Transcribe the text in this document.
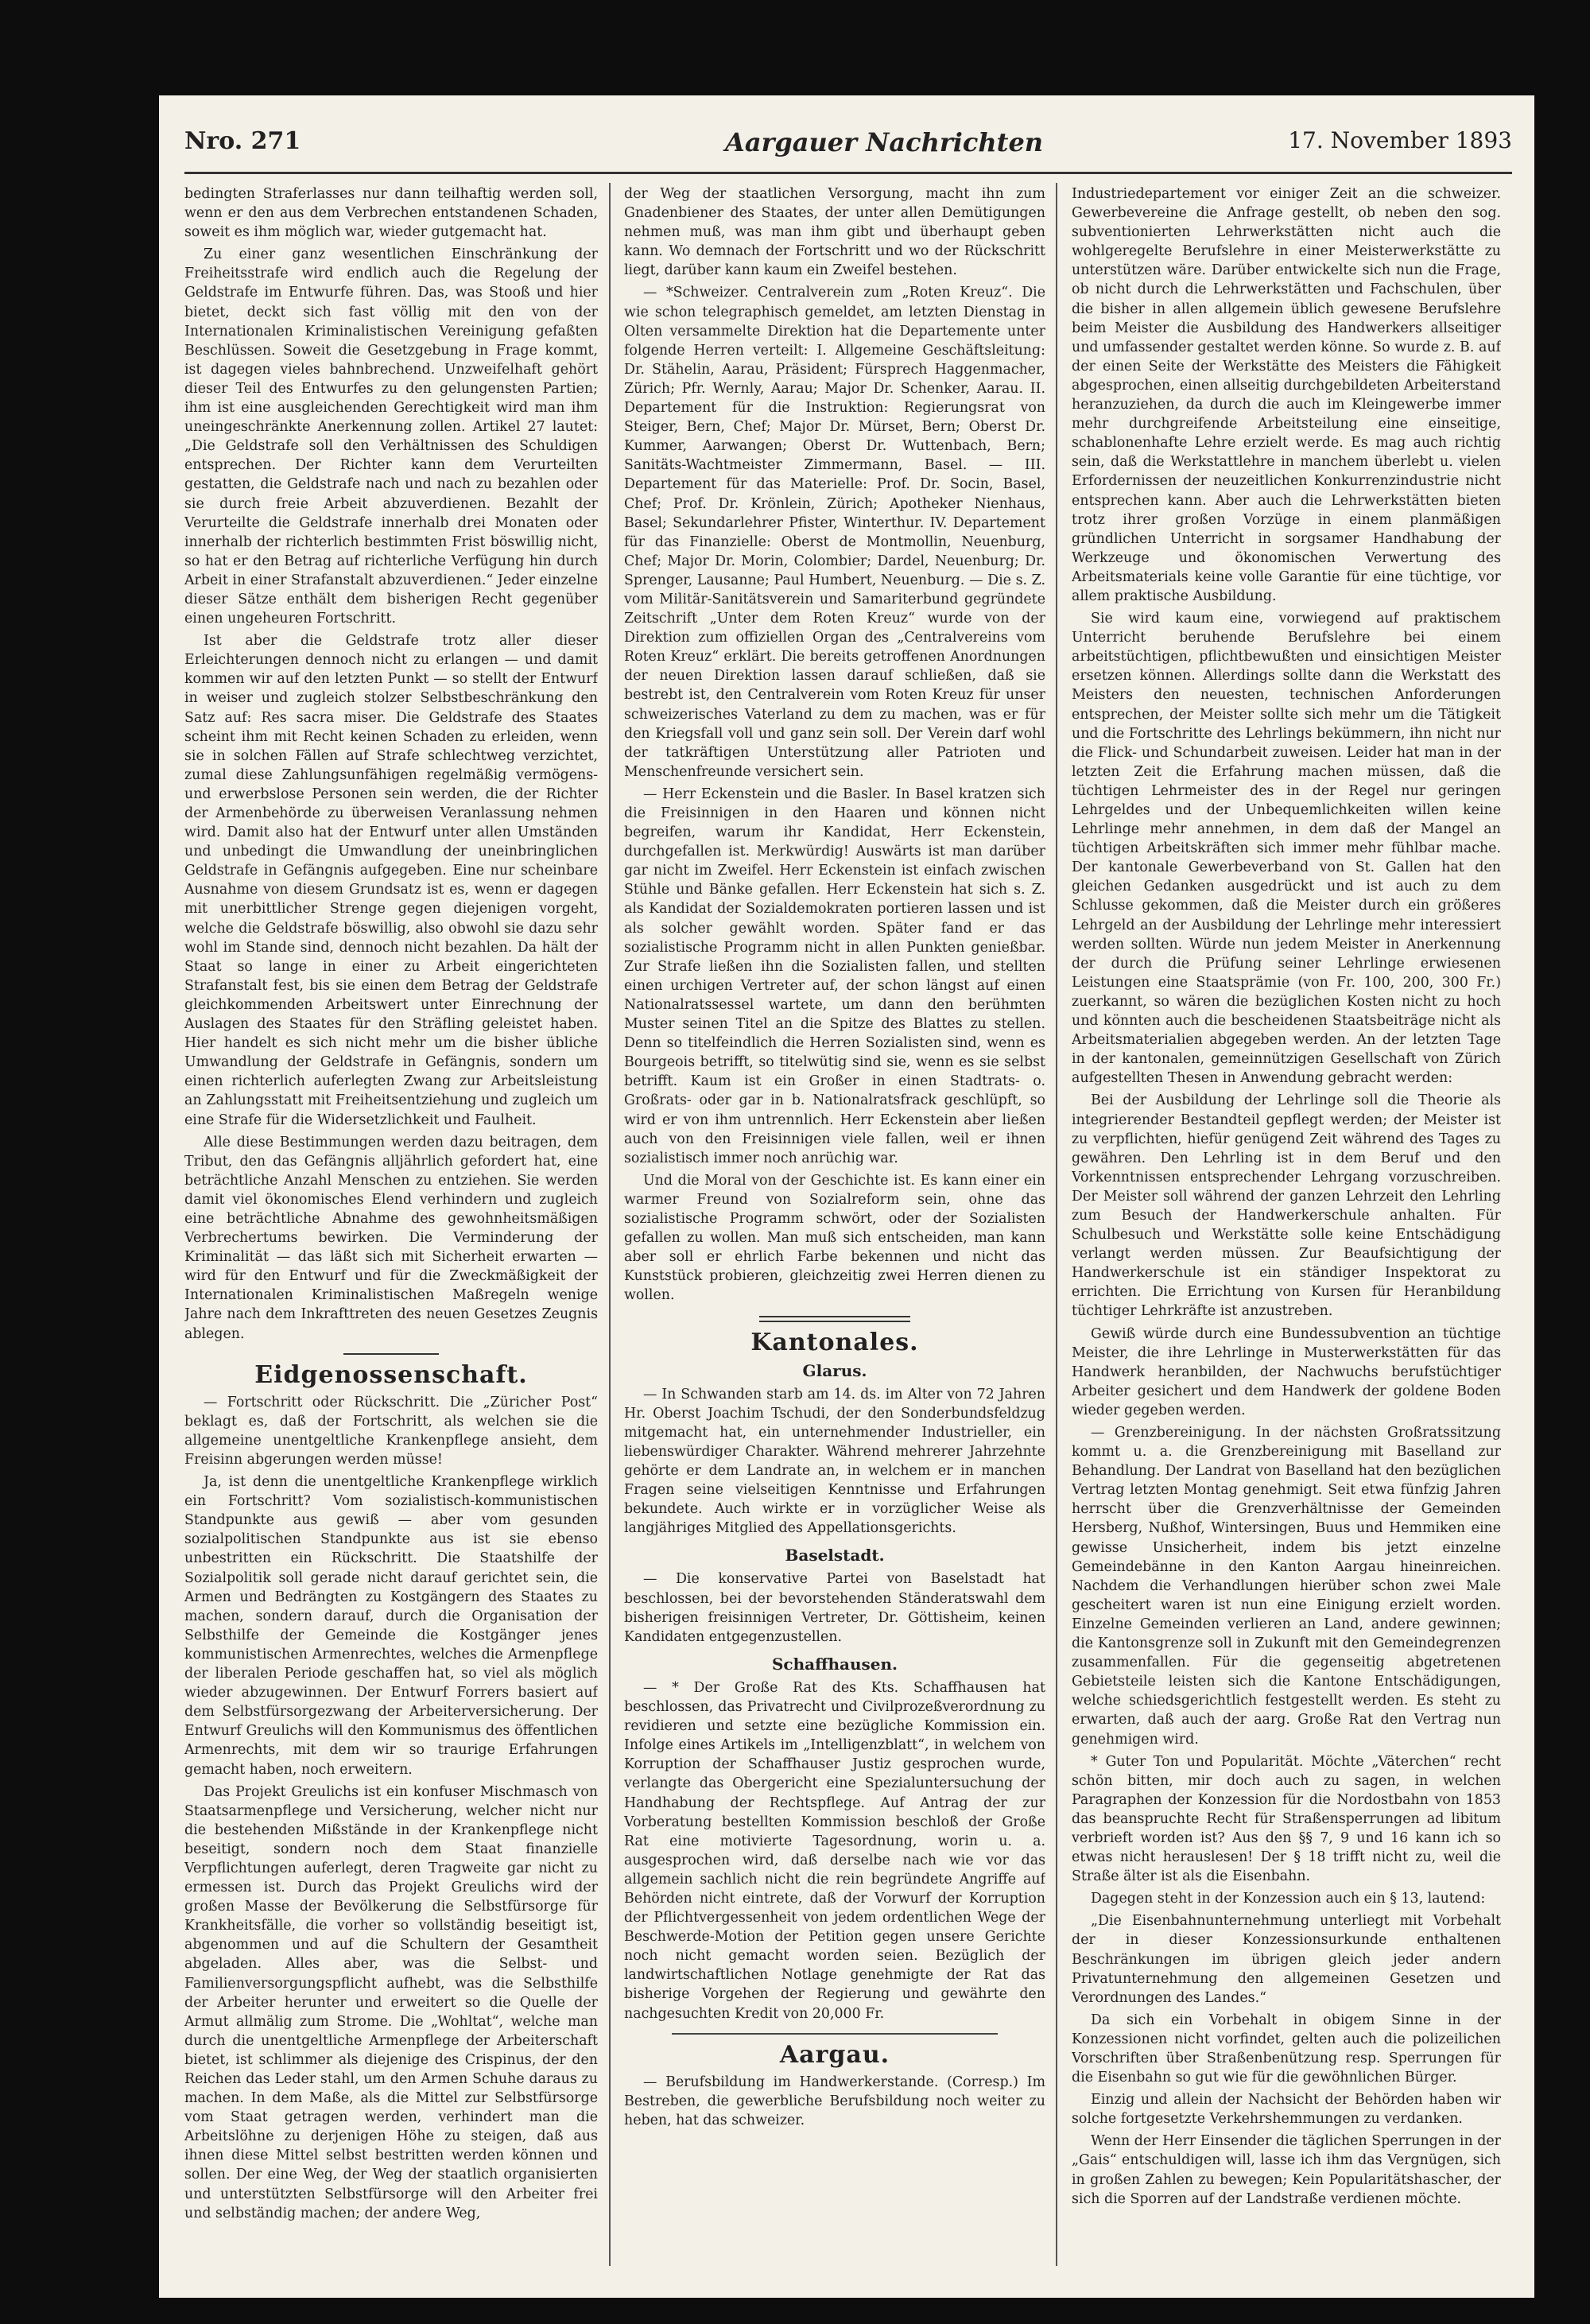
Nro. 271	Aargauer Nachrichten	17. November 1893

bedingten Straferlasses nur dann teilhaftig werden soll, wenn er den aus dem Verbrechen entstandenen Schaden, soweit es ihm möglich war, wieder gutgemacht hat.

Zu einer ganz wesentlichen Einschränkung der Freiheitsstrafe wird endlich auch die Regelung der Geldstrafe im Entwurfe führen. Das, was Stooß und hier bietet, deckt sich fast völlig mit den von der Internationalen Kriminalistischen Vereinigung gefaßten Beschlüssen. Soweit die Gesetzgebung in Frage kommt, ist dagegen vieles bahnbrechend. Unzweifelhaft gehört dieser Teil des Entwurfes zu den gelungensten Partien; ihm ist eine ausgleichenden Gerechtigkeit wird man ihm uneingeschränkte Anerkennung zollen. Artikel 27 lautet: „Die Geldstrafe soll den Verhältnissen des Schuldigen entsprechen. Der Richter kann dem Verurteilten gestatten, die Geldstrafe nach und nach zu bezahlen oder sie durch freie Arbeit abzuverdienen. Bezahlt der Verurteilte die Geldstrafe innerhalb drei Monaten oder innerhalb der richterlich bestimmten Frist böswillig nicht, so hat er den Betrag auf richterliche Verfügung hin durch Arbeit in einer Strafanstalt abzuverdienen.“ Jeder einzelne dieser Sätze enthält dem bisherigen Recht gegenüber einen ungeheuren Fortschritt.

Ist aber die Geldstrafe trotz aller dieser Erleichterungen dennoch nicht zu erlangen — und damit kommen wir auf den letzten Punkt — so stellt der Entwurf in weiser und zugleich stolzer Selbstbeschränkung den Satz auf: Res sacra miser. Die Geldstrafe des Staates scheint ihm mit Recht keinen Schaden zu erleiden, wenn sie in solchen Fällen auf Strafe schlechtweg verzichtet, zumal diese Zahlungsunfähigen regelmäßig vermögens- und erwerbslose Personen sein werden, die der Richter der Armenbehörde zu überweisen Veranlassung nehmen wird. Damit also hat der Entwurf unter allen Umständen und unbedingt die Umwandlung der uneinbringlichen Geldstrafe in Gefängnis aufgegeben. Eine nur scheinbare Ausnahme von diesem Grundsatz ist es, wenn er dagegen mit unerbittlicher Strenge gegen diejenigen vorgeht, welche die Geldstrafe böswillig, also obwohl sie dazu sehr wohl im Stande sind, dennoch nicht bezahlen. Da hält der Staat so lange in einer zu Arbeit eingerichteten Strafanstalt fest, bis sie einen dem Betrag der Geldstrafe gleichkommenden Arbeitswert unter Einrechnung der Auslagen des Staates für den Sträfling geleistet haben. Hier handelt es sich nicht mehr um die bisher übliche Umwandlung der Geldstrafe in Gefängnis, sondern um einen richterlich auferlegten Zwang zur Arbeitsleistung an Zahlungsstatt mit Freiheitsentziehung und zugleich um eine Strafe für die Widersetzlichkeit und Faulheit.

Alle diese Bestimmungen werden dazu beitragen, dem Tribut, den das Gefängnis alljährlich gefordert hat, eine beträchtliche Anzahl Menschen zu entziehen. Sie werden damit viel ökonomisches Elend verhindern und zugleich eine beträchtliche Abnahme des gewohnheitsmäßigen Verbrechertums bewirken. Die Verminderung der Kriminalität — das läßt sich mit Sicherheit erwarten — wird für den Entwurf und für die Zweckmäßigkeit der Internationalen Kriminalistischen Maßregeln wenige Jahre nach dem Inkrafttreten des neuen Gesetzes Zeugnis ablegen.

Eidgenossenschaft.

— Fortschritt oder Rückschritt. Die „Züricher Post“ beklagt es, daß der Fortschritt, als welchen sie die allgemeine unentgeltliche Krankenpflege ansieht, dem Freisinn abgerungen werden müsse!

Ja, ist denn die unentgeltliche Krankenpflege wirklich ein Fortschritt? Vom sozialistisch-kommunistischen Standpunkte aus gewiß — aber vom gesunden sozialpolitischen Standpunkte aus ist sie ebenso unbestritten ein Rückschritt. Die Staatshilfe der Sozialpolitik soll gerade nicht darauf gerichtet sein, die Armen und Bedrängten zu Kostgängern des Staates zu machen, sondern darauf, durch die Organisation der Selbsthilfe der Gemeinde die Kostgänger jenes kommunistischen Armenrechtes, welches die Armenpflege der liberalen Periode geschaffen hat, so viel als möglich wieder abzugewinnen. Der Entwurf Forrers basiert auf dem Selbstfürsorgezwang der Arbeiterversicherung. Der Entwurf Greulichs will den Kommunismus des öffentlichen Armenrechts, mit dem wir so traurige Erfahrungen gemacht haben, noch erweitern.

Das Projekt Greulichs ist ein konfuser Mischmasch von Staatsarmenpflege und Versicherung, welcher nicht nur die bestehenden Mißstände in der Krankenpflege nicht beseitigt, sondern noch dem Staat finanzielle Verpflichtungen auferlegt, deren Tragweite gar nicht zu ermessen ist. Durch das Projekt Greulichs wird der großen Masse der Bevölkerung die Selbstfürsorge für Krankheitsfälle, die vorher so vollständig beseitigt ist, abgenommen und auf die Schultern der Gesamtheit abgeladen. Alles aber, was die Selbst- und Familienversorgungspflicht aufhebt, was die Selbsthilfe der Arbeiter herunter und erweitert so die Quelle der Armut allmälig zum Strome. Die „Wohltat“, welche man durch die unentgeltliche Armenpflege der Arbeiterschaft bietet, ist schlimmer als diejenige des Crispinus, der den Reichen das Leder stahl, um den Armen Schuhe daraus zu machen. In dem Maße, als die Mittel zur Selbstfürsorge vom Staat getragen werden, verhindert man die Arbeitslöhne zu derjenigen Höhe zu steigen, daß aus ihnen diese Mittel selbst bestritten werden können und sollen. Der eine Weg, der Weg der staatlich organisierten und unterstützten Selbstfürsorge will den Arbeiter frei und selbständig machen; der andere Weg,

der Weg der staatlichen Versorgung, macht ihn zum Gnadenbiener des Staates, der unter allen Demütigungen nehmen muß, was man ihm gibt und überhaupt geben kann. Wo demnach der Fortschritt und wo der Rückschritt liegt, darüber kann kaum ein Zweifel bestehen.

— *Schweizer. Centralverein zum „Roten Kreuz“. Die wie schon telegraphisch gemeldet, am letzten Dienstag in Olten versammelte Direktion hat die Departemente unter folgende Herren verteilt: I. Allgemeine Geschäftsleitung: Dr. Stähelin, Aarau, Präsident; Fürsprech Haggenmacher, Zürich; Pfr. Wernly, Aarau; Major Dr. Schenker, Aarau. II. Departement für die Instruktion: Regierungsrat von Steiger, Bern, Chef; Major Dr. Mürset, Bern; Oberst Dr. Kummer, Aarwangen; Oberst Dr. Wuttenbach, Bern; Sanitäts-Wachtmeister Zimmermann, Basel. — III. Departement für das Materielle: Prof. Dr. Socin, Basel, Chef; Prof. Dr. Krönlein, Zürich; Apotheker Nienhaus, Basel; Sekundarlehrer Pfister, Winterthur. IV. Departement für das Finanzielle: Oberst de Montmollin, Neuenburg, Chef; Major Dr. Morin, Colombier; Dardel, Neuenburg; Dr. Sprenger, Lausanne; Paul Humbert, Neuenburg. — Die s. Z. vom Militär-Sanitätsverein und Samariterbund gegründete Zeitschrift „Unter dem Roten Kreuz“ wurde von der Direktion zum offiziellen Organ des „Centralvereins vom Roten Kreuz“ erklärt. Die bereits getroffenen Anordnungen der neuen Direktion lassen darauf schließen, daß sie bestrebt ist, den Centralverein vom Roten Kreuz für unser schweizerisches Vaterland zu dem zu machen, was er für den Kriegsfall voll und ganz sein soll. Der Verein darf wohl der tatkräftigen Unterstützung aller Patrioten und Menschenfreunde versichert sein.

— Herr Eckenstein und die Basler. In Basel kratzen sich die Freisinnigen in den Haaren und können nicht begreifen, warum ihr Kandidat, Herr Eckenstein, durchgefallen ist. Merkwürdig! Auswärts ist man darüber gar nicht im Zweifel. Herr Eckenstein ist einfach zwischen Stühle und Bänke gefallen. Herr Eckenstein hat sich s. Z. als Kandidat der Sozialdemokraten portieren lassen und ist als solcher gewählt worden. Später fand er das sozialistische Programm nicht in allen Punkten genießbar. Zur Strafe ließen ihn die Sozialisten fallen, und stellten einen urchigen Vertreter auf, der schon längst auf einen Nationalratssessel wartete, um dann den berühmten Muster seinen Titel an die Spitze des Blattes zu stellen. Denn so titelfeindlich die Herren Sozialisten sind, wenn es Bourgeois betrifft, so titelwütig sind sie, wenn es sie selbst betrifft. Kaum ist ein Großer in einen Stadtrats- o. Großrats- oder gar in b. Nationalratsfrack geschlüpft, so wird er von ihm untrennlich. Herr Eckenstein aber ließen auch von den Freisinnigen viele fallen, weil er ihnen sozialistisch immer noch anrüchig war.

Und die Moral von der Geschichte ist. Es kann einer ein warmer Freund von Sozialreform sein, ohne das sozialistische Programm schwört, oder der Sozialisten gefallen zu wollen. Man muß sich entscheiden, man kann aber soll er ehrlich Farbe bekennen und nicht das Kunststück probieren, gleichzeitig zwei Herren dienen zu wollen.

Kantonales.
Glarus.

— In Schwanden starb am 14. ds. im Alter von 72 Jahren Hr. Oberst Joachim Tschudi, der den Sonderbundsfeldzug mitgemacht hat, ein unternehmender Industrieller, ein liebenswürdiger Charakter. Während mehrerer Jahrzehnte gehörte er dem Landrate an, in welchem er in manchen Fragen seine vielseitigen Kenntnisse und Erfahrungen bekundete. Auch wirkte er in vorzüglicher Weise als langjähriges Mitglied des Appellationsgerichts.

Baselstadt.

— Die konservative Partei von Baselstadt hat beschlossen, bei der bevorstehenden Ständeratswahl dem bisherigen freisinnigen Vertreter, Dr. Göttisheim, keinen Kandidaten entgegenzustellen.

Schaffhausen.

— * Der Große Rat des Kts. Schaffhausen hat beschlossen, das Privatrecht und Civilprozeßverordnung zu revidieren und setzte eine bezügliche Kommission ein. Infolge eines Artikels im „Intelligenzblatt“, in welchem von Korruption der Schaffhauser Justiz gesprochen wurde, verlangte das Obergericht eine Spezialuntersuchung der Handhabung der Rechtspflege. Auf Antrag der zur Vorberatung bestellten Kommission beschloß der Große Rat eine motivierte Tagesordnung, worin u. a. ausgesprochen wird, daß derselbe nach wie vor das allgemein sachlich nicht die rein begründete Angriffe auf Behörden nicht eintrete, daß der Vorwurf der Korruption der Pflichtvergessenheit von jedem ordentlichen Wege der Beschwerde-Motion der Petition gegen unsere Gerichte noch nicht gemacht worden seien. Bezüglich der landwirtschaftlichen Notlage genehmigte der Rat das bisherige Vorgehen der Regierung und gewährte den nachgesuchten Kredit von 20,000 Fr.

Aargau.

— Berufsbildung im Handwerkerstande. (Corresp.) Im Bestreben, die gewerbliche Berufsbildung noch weiter zu heben, hat das schweizer.

Industriedepartement vor einiger Zeit an die schweizer. Gewerbevereine die Anfrage gestellt, ob neben den sog. subventionierten Lehrwerkstätten nicht auch die wohlgeregelte Berufslehre in einer Meisterwerkstätte zu unterstützen wäre. Darüber entwickelte sich nun die Frage, ob nicht durch die Lehrwerkstätten und Fachschulen, über die bisher in allen allgemein üblich gewesene Berufslehre beim Meister die Ausbildung des Handwerkers allseitiger und umfassender gestaltet werden könne. So wurde z. B. auf der einen Seite der Werkstätte des Meisters die Fähigkeit abgesprochen, einen allseitig durchgebildeten Arbeiterstand heranzuziehen, da durch die auch im Kleingewerbe immer mehr durchgreifende Arbeitsteilung eine einseitige, schablonenhafte Lehre erzielt werde. Es mag auch richtig sein, daß die Werkstattlehre in manchem überlebt u. vielen Erfordernissen der neuzeitlichen Konkurrenzindustrie nicht entsprechen kann. Aber auch die Lehrwerkstätten bieten trotz ihrer großen Vorzüge in einem planmäßigen gründlichen Unterricht in sorgsamer Handhabung der Werkzeuge und ökonomischen Verwertung des Arbeitsmaterials keine volle Garantie für eine tüchtige, vor allem praktische Ausbildung.

Sie wird kaum eine, vorwiegend auf praktischem Unterricht beruhende Berufslehre bei einem arbeitstüchtigen, pflichtbewußten und einsichtigen Meister ersetzen können. Allerdings sollte dann die Werkstatt des Meisters den neuesten, technischen Anforderungen entsprechen, der Meister sollte sich mehr um die Tätigkeit und die Fortschritte des Lehrlings bekümmern, ihn nicht nur die Flick- und Schundarbeit zuweisen. Leider hat man in der letzten Zeit die Erfahrung machen müssen, daß die tüchtigen Lehrmeister des in der Regel nur geringen Lehrgeldes und der Unbequemlichkeiten willen keine Lehrlinge mehr annehmen, in dem daß der Mangel an tüchtigen Arbeitskräften sich immer mehr fühlbar mache. Der kantonale Gewerbeverband von St. Gallen hat den gleichen Gedanken ausgedrückt und ist auch zu dem Schlusse gekommen, daß die Meister durch ein größeres Lehrgeld an der Ausbildung der Lehrlinge mehr interessiert werden sollten. Würde nun jedem Meister in Anerkennung der durch die Prüfung seiner Lehrlinge erwiesenen Leistungen eine Staatsprämie (von Fr. 100, 200, 300 Fr.) zuerkannt, so wären die bezüglichen Kosten nicht zu hoch und könnten auch die bescheidenen Staatsbeiträge nicht als Arbeitsmaterialien abgegeben werden. An der letzten Tage in der kantonalen, gemeinnützigen Gesellschaft von Zürich aufgestellten Thesen in Anwendung gebracht werden:

Bei der Ausbildung der Lehrlinge soll die Theorie als integrierender Bestandteil gepflegt werden; der Meister ist zu verpflichten, hiefür genügend Zeit während des Tages zu gewähren. Den Lehrling ist in dem Beruf und den Vorkenntnissen entsprechender Lehrgang vorzuschreiben. Der Meister soll während der ganzen Lehrzeit den Lehrling zum Besuch der Handwerkerschule anhalten. Für Schulbesuch und Werkstätte solle keine Entschädigung verlangt werden müssen. Zur Beaufsichtigung der Handwerkerschule ist ein ständiger Inspektorat zu errichten. Die Errichtung von Kursen für Heranbildung tüchtiger Lehrkräfte ist anzustreben.

Gewiß würde durch eine Bundessubvention an tüchtige Meister, die ihre Lehrlinge in Musterwerkstätten für das Handwerk heranbilden, der Nachwuchs berufstüchtiger Arbeiter gesichert und dem Handwerk der goldene Boden wieder gegeben werden.

— Grenzbereinigung. In der nächsten Großratssitzung kommt u. a. die Grenzbereinigung mit Baselland zur Behandlung. Der Landrat von Baselland hat den bezüglichen Vertrag letzten Montag genehmigt. Seit etwa fünfzig Jahren herrscht über die Grenzverhältnisse der Gemeinden Hersberg, Nußhof, Wintersingen, Buus und Hemmiken eine gewisse Unsicherheit, indem bis jetzt einzelne Gemeindebänne in den Kanton Aargau hineinreichen. Nachdem die Verhandlungen hierüber schon zwei Male gescheitert waren ist nun eine Einigung erzielt worden. Einzelne Gemeinden verlieren an Land, andere gewinnen; die Kantonsgrenze soll in Zukunft mit den Gemeindegrenzen zusammenfallen. Für die gegenseitig abgetretenen Gebietsteile leisten sich die Kantone Entschädigungen, welche schiedsgerichtlich festgestellt werden. Es steht zu erwarten, daß auch der aarg. Große Rat den Vertrag nun genehmigen wird.

* Guter Ton und Popularität. Möchte „Väterchen“ recht schön bitten, mir doch auch zu sagen, in welchen Paragraphen der Konzession für die Nordostbahn von 1853 das beanspruchte Recht für Straßensperrungen ad libitum verbrieft worden ist? Aus den §§ 7, 9 und 16 kann ich so etwas nicht herauslesen! Der § 18 trifft nicht zu, weil die Straße älter ist als die Eisenbahn.

Dagegen steht in der Konzession auch ein § 13, lautend:

„Die Eisenbahnunternehmung unterliegt mit Vorbehalt der in dieser Konzessionsurkunde enthaltenen Beschränkungen im übrigen gleich jeder andern Privatunternehmung den allgemeinen Gesetzen und Verordnungen des Landes.“

Da sich ein Vorbehalt in obigem Sinne in der Konzessionen nicht vorfindet, gelten auch die polizeilichen Vorschriften über Straßenbenützung resp. Sperrungen für die Eisenbahn so gut wie für die gewöhnlichen Bürger.

Einzig und allein der Nachsicht der Behörden haben wir solche fortgesetzte Verkehrshemmungen zu verdanken.

Wenn der Herr Einsender die täglichen Sperrungen in der „Gais“ entschuldigen will, lasse ich ihm das Vergnügen, sich in großen Zahlen zu bewegen; Kein Popularitätshascher, der sich die Sporren auf der Landstraße verdienen möchte.
